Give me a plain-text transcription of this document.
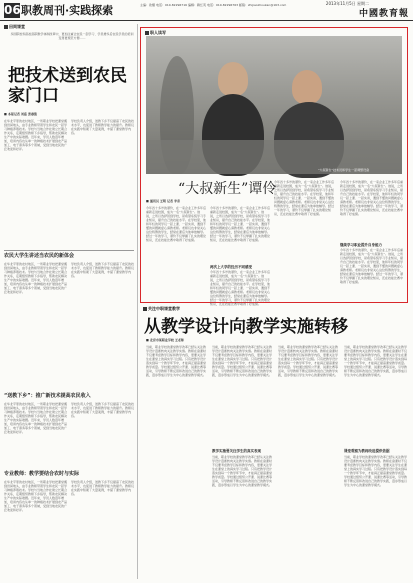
06 职教周刊·实践探索	主编：欧媚 电话：010-82296716 编辑：赖红英 电话：010-82296763 邮箱：zhijiaozhoukan@163.com	2013年11月5日 星期二
中國教育報
田间课堂
多国职校和高校高职教学体制改革中，更加注重让农民一起学习、学员增多后农民学员的培训变得更规范方便……
把技术送到农民家门口
■ 本报记者 刘盾 张春铭
在华北平原的农村地区，一所职业学校把课堂搬到田间地头，由专业教师带领学生和农民一起学习种植养殖技术。学校与当地合作社建立长期合作关系，定期组织教师下乡指导，帮助农民解决生产中的实际难题。近年来，学员人数逐年增加，培训内容也从单一的种植技术扩展到农产品加工、电子商务等多个领域，受到当地农民的广泛欢迎和好评。
学校负责人介绍，送教下乡不仅提高了农民的技术水平，也促进了教师教学能力的提升。教师们在实践中积累了大量案例，丰富了课堂教学内容。
农民大学生讲述当农民的新体会
在华北平原的农村地区，一所职业学校把课堂搬到田间地头，由专业教师带领学生和农民一起学习种植养殖技术。学校与当地合作社建立长期合作关系，定期组织教师下乡指导，帮助农民解决生产中的实际难题。近年来，学员人数逐年增加，培训内容也从单一的种植技术扩展到农产品加工、电子商务等多个领域，受到当地农民的广泛欢迎和好评。
学校负责人介绍，送教下乡不仅提高了农民的技术水平，也促进了教师教学能力的提升。教师们在实践中积累了大量案例，丰富了课堂教学内容。
“送教下乡”：推广新技术提高农民收入
在华北平原的农村地区，一所职业学校把课堂搬到田间地头，由专业教师带领学生和农民一起学习种植养殖技术。学校与当地合作社建立长期合作关系，定期组织教师下乡指导，帮助农民解决生产中的实际难题。近年来，学员人数逐年增加，培训内容也从单一的种植技术扩展到农产品加工、电子商务等多个领域，受到当地农民的广泛欢迎和好评。
学校负责人介绍，送教下乡不仅提高了农民的技术水平，也促进了教师教学能力的提升。教师们在实践中积累了大量案例，丰富了课堂教学内容。
专业教师：教学要结合农时与实际
在华北平原的农村地区，一所职业学校把课堂搬到田间地头，由专业教师带领学生和农民一起学习种植养殖技术。学校与当地合作社建立长期合作关系，定期组织教师下乡指导，帮助农民解决生产中的实际难题。近年来，学员人数逐年增加，培训内容也从单一的种植技术扩展到农产品加工、电子商务等多个领域，受到当地农民的广泛欢迎和好评。
学校负责人介绍，送教下乡不仅提高了农民的技术水平，也促进了教师教学能力的提升。教师们在实践中积累了大量案例，丰富了课堂教学内容。
职人读写
“大叔新生”技术员和学生一起调整设备
“大叔新生”谭伶
■ 通讯员 王明 记者 李青
今年四十多岁的谭伶，在一家企业工作多年后重新走进校园，成为一名“大叔新生”。他说，之所以选择回到学校，是希望系统学习专业知识，提升自己的技能水平。在学校里，他和年轻的同学们一起上课、一起实训，遇到不懂的问题就虚心请教老师。老师们也非常关心这位特殊的学生，经常在课后为他单独辅导。经过一年的学习，谭伶不仅掌握了扎实的理论知识，还在技能比赛中取得了好成绩。
今年四十多岁的谭伶，在一家企业工作多年后重新走进校园，成为一名“大叔新生”。他说，之所以选择回到学校，是希望系统学习专业知识，提升自己的技能水平。在学校里，他和年轻的同学们一起上课、一起实训，遇到不懂的问题就虚心请教老师。老师们也非常关心这位特殊的学生，经常在课后为他单独辅导。经过一年的学习，谭伶不仅掌握了扎实的理论知识，还在技能比赛中取得了好成绩。
两次上大学的经历不同感受
今年四十多岁的谭伶，在一家企业工作多年后重新走进校园，成为一名“大叔新生”。他说，之所以选择回到学校，是希望系统学习专业知识，提升自己的技能水平。在学校里，他和年轻的同学们一起上课、一起实训，遇到不懂的问题就虚心请教老师。老师们也非常关心这位特殊的学生，经常在课后为他单独辅导。经过一年的学习，谭伶不仅掌握了扎实的理论知识，还在技能比赛中取得了好成绩。
今年四十多岁的谭伶，在一家企业工作多年后重新走进校园，成为一名“大叔新生”。他说，之所以选择回到学校，是希望系统学习专业知识，提升自己的技能水平。在学校里，他和年轻的同学们一起上课、一起实训，遇到不懂的问题就虚心请教老师。老师们也非常关心这位特殊的学生，经常在课后为他单独辅导。经过一年的学习，谭伶不仅掌握了扎实的理论知识，还在技能比赛中取得了好成绩。
今年四十多岁的谭伶，在一家企业工作多年后重新走进校园，成为一名“大叔新生”。他说，之所以选择回到学校，是希望系统学习专业知识，提升自己的技能水平。在学校里，他和年轻的同学们一起上课、一起实训，遇到不懂的问题就虚心请教老师。老师们也非常关心这位特殊的学生，经常在课后为他单独辅导。经过一年的学习，谭伶不仅掌握了扎实的理论知识，还在技能比赛中取得了好成绩。
继续学习职业提升自身能力
今年四十多岁的谭伶，在一家企业工作多年后重新走进校园，成为一名“大叔新生”。他说，之所以选择回到学校，是希望系统学习专业知识，提升自己的技能水平。在学校里，他和年轻的同学们一起上课、一起实训，遇到不懂的问题就虚心请教老师。老师们也非常关心这位特殊的学生，经常在课后为他单独辅导。经过一年的学习，谭伶不仅掌握了扎实的理论知识，还在技能比赛中取得了好成绩。
关注中职课堂教学
从教学设计向教学实施转移
■ 北京市某职业学校 王老师
当前，职业学校的课堂教学改革已经从关注教学设计逐渐转向关注教学实施。教师在备课时不仅要考虑教学目标和教学内容，更要关注学生在课堂上的真实学习过程。只有把教学设计落实到每一个教学环节中，才能真正提高课堂教学质量。学校通过组织公开课、说课比赛等活动，引导教师不断反思和改进自己的教学实践，逐步形成以学生为中心的课堂教学模式。
当前，职业学校的课堂教学改革已经从关注教学设计逐渐转向关注教学实施。教师在备课时不仅要考虑教学目标和教学内容，更要关注学生在课堂上的真实学习过程。只有把教学设计落实到每一个教学环节中，才能真正提高课堂教学质量。学校通过组织公开课、说课比赛等活动，引导教师不断反思和改进自己的教学实践，逐步形成以学生为中心的课堂教学模式。
教学实施要关注学生的真实表现
当前，职业学校的课堂教学改革已经从关注教学设计逐渐转向关注教学实施。教师在备课时不仅要考虑教学目标和教学内容，更要关注学生在课堂上的真实学习过程。只有把教学设计落实到每一个教学环节中，才能真正提高课堂教学质量。学校通过组织公开课、说课比赛等活动，引导教师不断反思和改进自己的教学实践，逐步形成以学生为中心的课堂教学模式。
当前，职业学校的课堂教学改革已经从关注教学设计逐渐转向关注教学实施。教师在备课时不仅要考虑教学目标和教学内容，更要关注学生在课堂上的真实学习过程。只有把教学设计落实到每一个教学环节中，才能真正提高课堂教学质量。学校通过组织公开课、说课比赛等活动，引导教师不断反思和改进自己的教学实践，逐步形成以学生为中心的课堂教学模式。
当前，职业学校的课堂教学改革已经从关注教学设计逐渐转向关注教学实施。教师在备课时不仅要考虑教学目标和教学内容，更要关注学生在课堂上的真实学习过程。只有把教学设计落实到每一个教学环节中，才能真正提高课堂教学质量。学校通过组织公开课、说课比赛等活动，引导教师不断反思和改进自己的教学实践，逐步形成以学生为中心的课堂教学模式。
课堂观察为教师改进提供依据
当前，职业学校的课堂教学改革已经从关注教学设计逐渐转向关注教学实施。教师在备课时不仅要考虑教学目标和教学内容，更要关注学生在课堂上的真实学习过程。只有把教学设计落实到每一个教学环节中，才能真正提高课堂教学质量。学校通过组织公开课、说课比赛等活动，引导教师不断反思和改进自己的教学实践，逐步形成以学生为中心的课堂教学模式。
